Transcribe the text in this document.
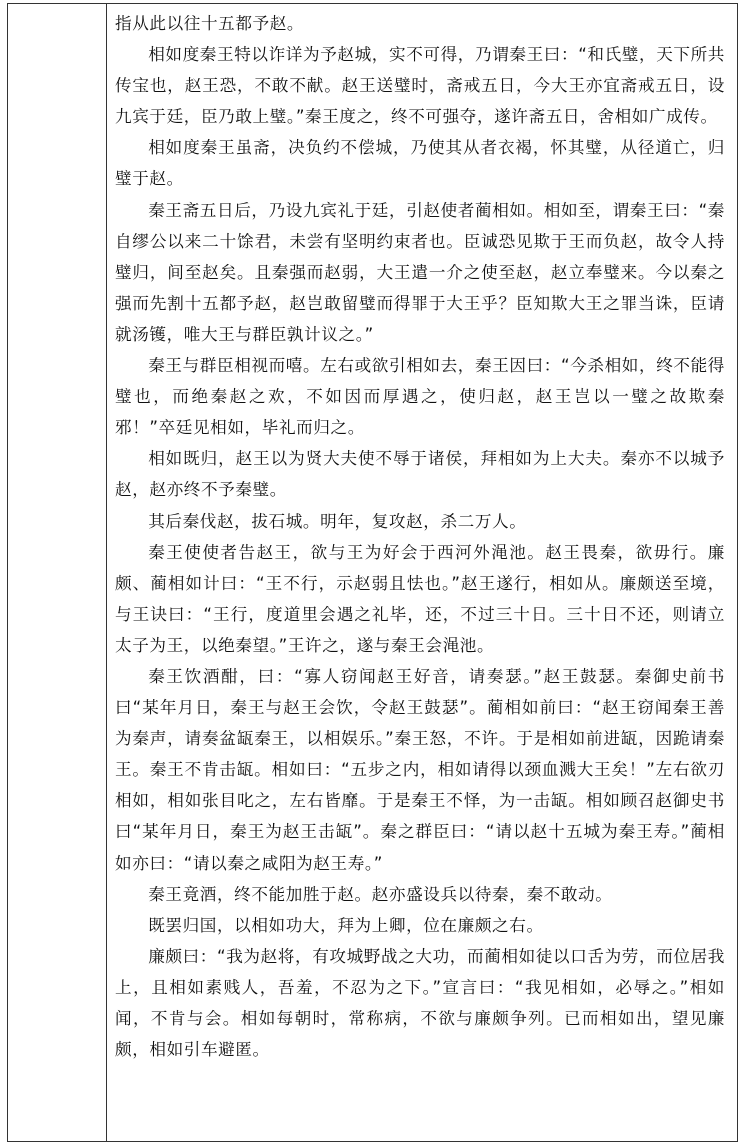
指从此以往十五都予赵。

相如度秦王特以诈详为予赵城，实不可得，乃谓秦王曰：“和氏璧，天下所共传宝也，赵王恐，不敢不献。赵王送璧时，斋戒五日，今大王亦宜斋戒五日，设九宾于廷，臣乃敢上璧。”秦王度之，终不可强夺，遂许斋五日，舍相如广成传。

相如度秦王虽斋，决负约不偿城，乃使其从者衣褐，怀其璧，从径道亡，归璧于赵。

秦王斋五日后，乃设九宾礼于廷，引赵使者蔺相如。相如至，谓秦王曰：“秦自缪公以来二十馀君，未尝有坚明约束者也。臣诚恐见欺于王而负赵，故令人持璧归，间至赵矣。且秦强而赵弱，大王遣一介之使至赵，赵立奉璧来。今以秦之强而先割十五都予赵，赵岂敢留璧而得罪于大王乎？臣知欺大王之罪当诛，臣请就汤镬，唯大王与群臣孰计议之。”

秦王与群臣相视而嘻。左右或欲引相如去，秦王因曰：“今杀相如，终不能得璧也，而绝秦赵之欢，不如因而厚遇之，使归赵，赵王岂以一璧之故欺秦邪！”卒廷见相如，毕礼而归之。

相如既归，赵王以为贤大夫使不辱于诸侯，拜相如为上大夫。秦亦不以城予赵，赵亦终不予秦璧。

其后秦伐赵，拔石城。明年，复攻赵，杀二万人。

秦王使使者告赵王，欲与王为好会于西河外渑池。赵王畏秦，欲毋行。廉颇、蔺相如计曰：“王不行，示赵弱且怯也。”赵王遂行，相如从。廉颇送至境，与王诀曰：“王行，度道里会遇之礼毕，还，不过三十日。三十日不还，则请立太子为王，以绝秦望。”王许之，遂与秦王会渑池。

秦王饮酒酣，曰：“寡人窃闻赵王好音，请奏瑟。”赵王鼓瑟。秦御史前书曰“某年月日，秦王与赵王会饮，令赵王鼓瑟”。蔺相如前曰：“赵王窃闻秦王善为秦声，请奏盆缻秦王，以相娱乐。”秦王怒，不许。于是相如前进缻，因跪请秦王。秦王不肯击缻。相如曰：“五步之内，相如请得以颈血溅大王矣！”左右欲刃相如，相如张目叱之，左右皆靡。于是秦王不怿，为一击缻。相如顾召赵御史书曰“某年月日，秦王为赵王击缻”。秦之群臣曰：“请以赵十五城为秦王寿。”蔺相如亦曰：“请以秦之咸阳为赵王寿。”

秦王竟酒，终不能加胜于赵。赵亦盛设兵以待秦，秦不敢动。

既罢归国，以相如功大，拜为上卿，位在廉颇之右。

廉颇曰：“我为赵将，有攻城野战之大功，而蔺相如徒以口舌为劳，而位居我上，且相如素贱人，吾羞，不忍为之下。”宣言曰：“我见相如，必辱之。”相如闻，不肯与会。相如每朝时，常称病，不欲与廉颇争列。已而相如出，望见廉颇，相如引车避匿。
